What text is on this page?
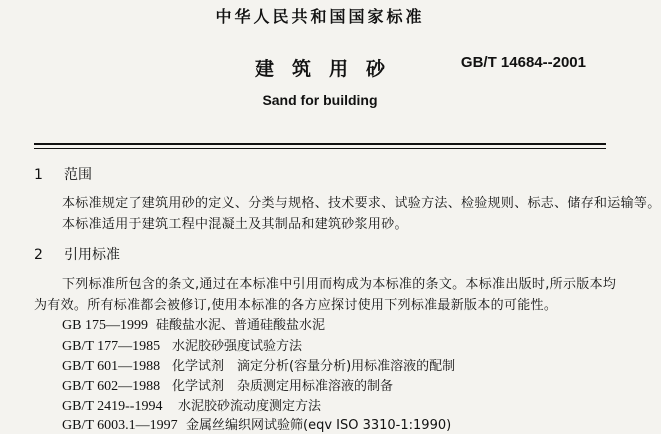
中华人民共和国国家标准
建筑用砂	GB/T 14684--2001
Sand for building
1 范围
本标准规定了建筑用砂的定义、分类与规格、技术要求、试验方法、检验规则、标志、储存和运输等。
本标准适用于建筑工程中混凝土及其制品和建筑砂浆用砂。
2 引用标准
下列标准所包含的条文,通过在本标准中引用而构成为本标准的条文。本标准出版时,所示版本均
为有效。所有标准都会被修订,使用本标准的各方应探讨使用下列标准最新版本的可能性。
GB 175—1999 硅酸盐水泥、普通硅酸盐水泥
GB/T 177—1985 水泥胶砂强度试验方法
GB/T 601—1988 化学试剂　滴定分析(容量分析)用标准溶液的配制
GB/T 602—1988 化学试剂　杂质测定用标准溶液的制备
GB/T 2419--1994 水泥胶砂流动度测定方法
GB/T 6003.1—1997 金属丝编织网试验筛(eqv ISO 3310-1:1990)
